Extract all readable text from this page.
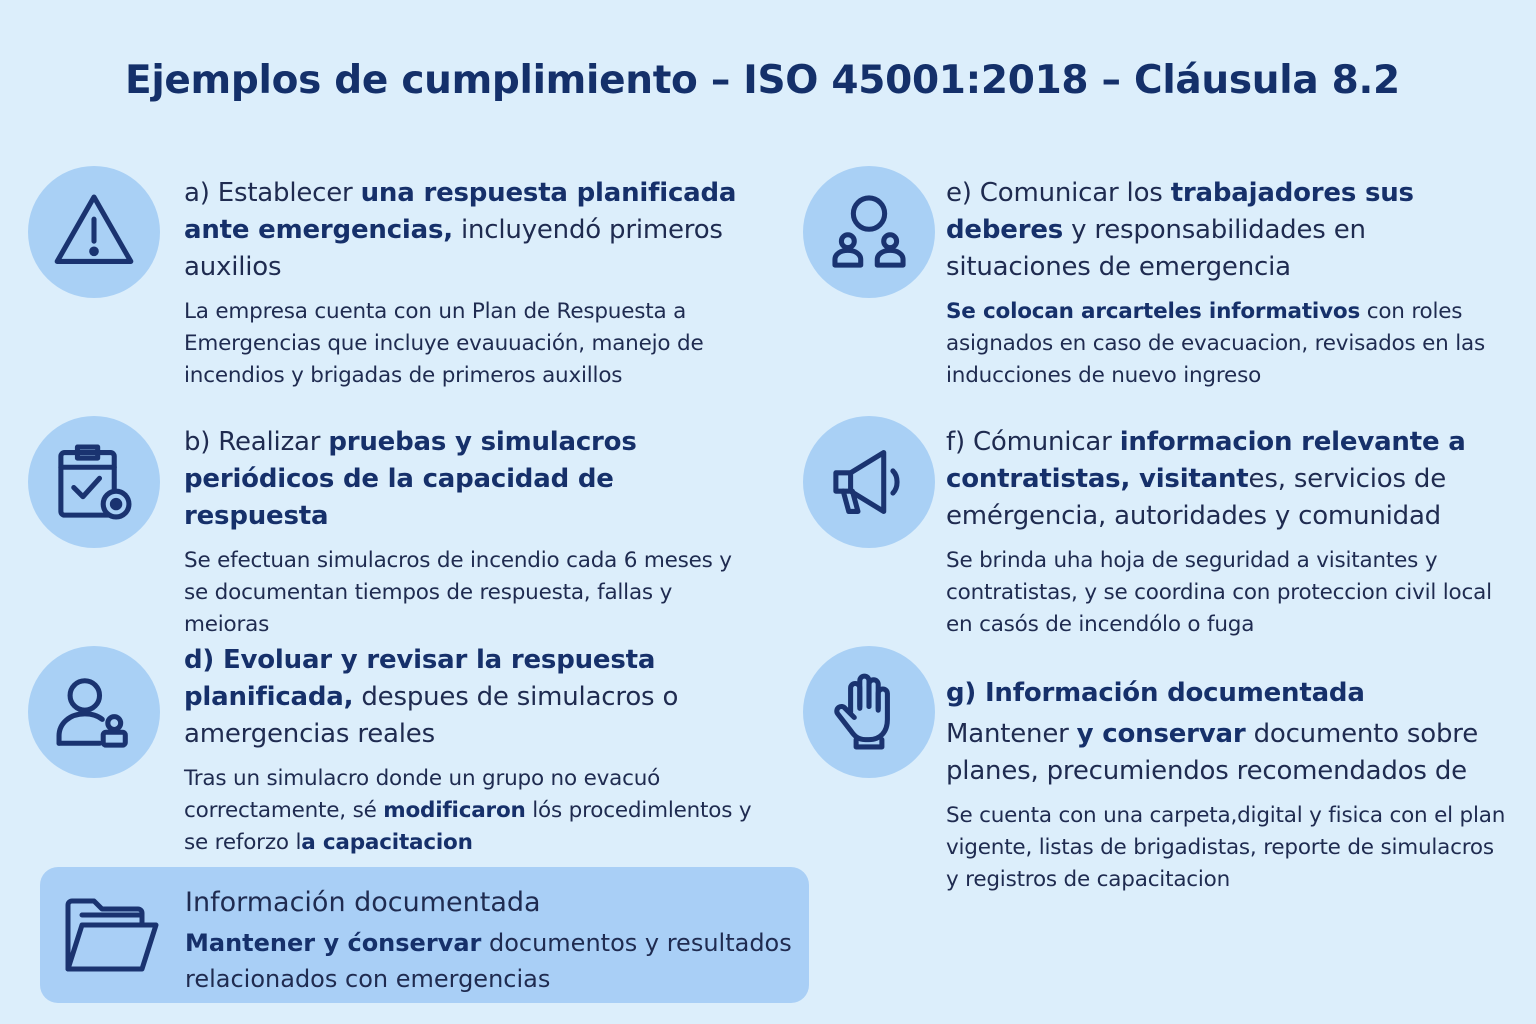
Ejemplos de cumplimiento – ISO 45001:2018 – Cláusula 8.2
a) Establecer una respuesta planificada ante emergencias, incluyendó primeros auxilios
La empresa cuenta con un Plan de Respuesta a Emergencias que incluye evauuación, manejo de incendios y brigadas de primeros auxillos
b) Realizar pruebas y simulacros periódicos de la capacidad de respuesta
Se efectuan simulacros de incendio cada 6 meses y se documentan tiempos de respuesta, fallas y meioras
d) Evoluar y revisar la respuesta planificada, despues de simulacros o amergencias reales
Tras un simulacro donde un grupo no evacuó correctamente, sé modificaron lós procedimlentos y se reforzo la capacitacion
e) Comunicar los trabajadores sus deberes y responsabilidades en situaciones de emergencia
Se colocan arcarteles informativos con roles asignados en caso de evacuacion, revisados en las inducciones de nuevo ingreso
f) Cómunicar informacion relevante a contratistas, visitantes, servicios de emérgencia, autoridades y comunidad
Se brinda uha hoja de seguridad a visitantes y contratistas, y se coordina con proteccion civil local en casós de incendólo o fuga
g) Información documentada
Mantener y conservar documento sobre planes, precumiendos recomendados de
Se cuenta con una carpeta,digital y fisica con el plan vigente, listas de brigadistas, reporte de simulacros y registros de capacitacion
Información documentada
Mantener y ćonservar documentos y resultados relacionados con emergencias
